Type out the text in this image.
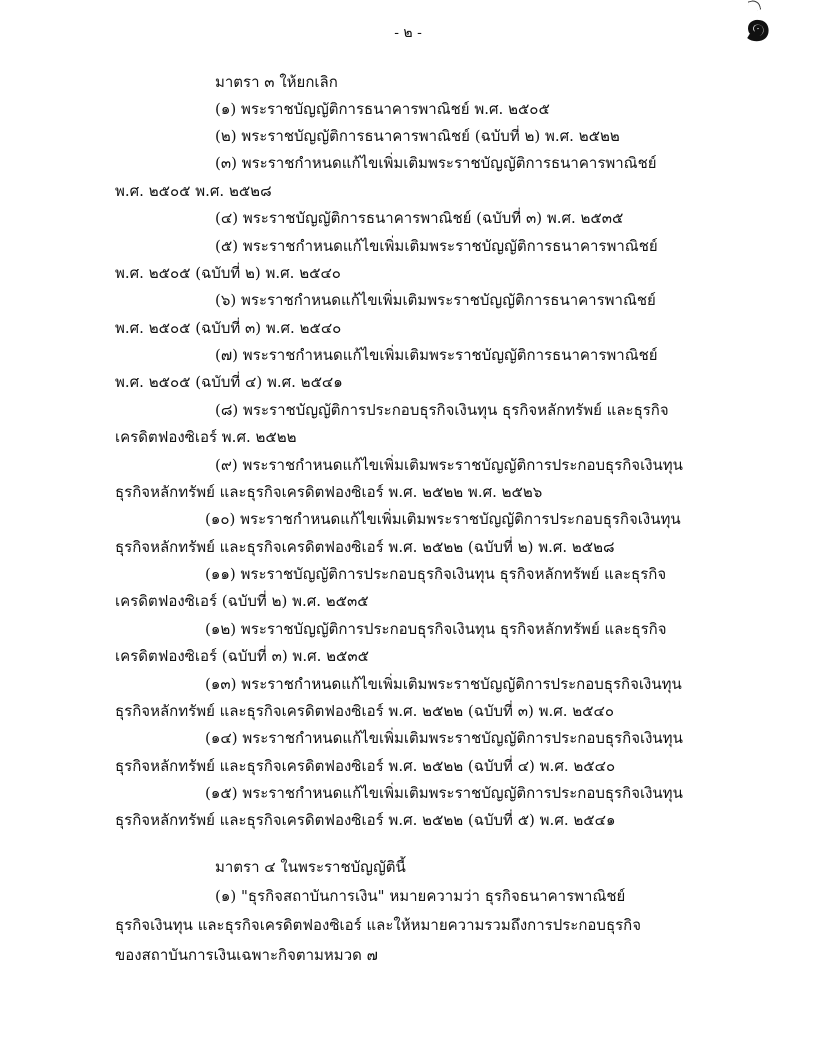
- ๒ -	๑
มาตรา ๓ ให้ยกเลิก
(๑) พระราชบัญญัติการธนาคารพาณิชย์ พ.ศ. ๒๕๐๕
(๒) พระราชบัญญัติการธนาคารพาณิชย์ (ฉบับที่ ๒) พ.ศ. ๒๕๒๒
(๓) พระราชกำหนดแก้ไขเพิ่มเติมพระราชบัญญัติการธนาคารพาณิชย์
พ.ศ. ๒๕๐๕ พ.ศ. ๒๕๒๘
(๔) พระราชบัญญัติการธนาคารพาณิชย์ (ฉบับที่ ๓) พ.ศ. ๒๕๓๕
(๕) พระราชกำหนดแก้ไขเพิ่มเติมพระราชบัญญัติการธนาคารพาณิชย์
พ.ศ. ๒๕๐๕ (ฉบับที่ ๒) พ.ศ. ๒๕๔๐
(๖) พระราชกำหนดแก้ไขเพิ่มเติมพระราชบัญญัติการธนาคารพาณิชย์
พ.ศ. ๒๕๐๕ (ฉบับที่ ๓) พ.ศ. ๒๕๔๐
(๗) พระราชกำหนดแก้ไขเพิ่มเติมพระราชบัญญัติการธนาคารพาณิชย์
พ.ศ. ๒๕๐๕ (ฉบับที่ ๔) พ.ศ. ๒๕๔๑
(๘) พระราชบัญญัติการประกอบธุรกิจเงินทุน ธุรกิจหลักทรัพย์ และธุรกิจ
เครดิตฟองซิเอร์ พ.ศ. ๒๕๒๒
(๙) พระราชกำหนดแก้ไขเพิ่มเติมพระราชบัญญัติการประกอบธุรกิจเงินทุน
ธุรกิจหลักทรัพย์ และธุรกิจเครดิตฟองซิเอร์ พ.ศ. ๒๕๒๒ พ.ศ. ๒๕๒๖
(๑๐) พระราชกำหนดแก้ไขเพิ่มเติมพระราชบัญญัติการประกอบธุรกิจเงินทุน
ธุรกิจหลักทรัพย์ และธุรกิจเครดิตฟองซิเอร์ พ.ศ. ๒๕๒๒ (ฉบับที่ ๒) พ.ศ. ๒๕๒๘
(๑๑) พระราชบัญญัติการประกอบธุรกิจเงินทุน ธุรกิจหลักทรัพย์ และธุรกิจ
เครดิตฟองซิเอร์ (ฉบับที่ ๒) พ.ศ. ๒๕๓๕
(๑๒) พระราชบัญญัติการประกอบธุรกิจเงินทุน ธุรกิจหลักทรัพย์ และธุรกิจ
เครดิตฟองซิเอร์ (ฉบับที่ ๓) พ.ศ. ๒๕๓๕
(๑๓) พระราชกำหนดแก้ไขเพิ่มเติมพระราชบัญญัติการประกอบธุรกิจเงินทุน
ธุรกิจหลักทรัพย์ และธุรกิจเครดิตฟองซิเอร์ พ.ศ. ๒๕๒๒ (ฉบับที่ ๓) พ.ศ. ๒๕๔๐
(๑๔) พระราชกำหนดแก้ไขเพิ่มเติมพระราชบัญญัติการประกอบธุรกิจเงินทุน
ธุรกิจหลักทรัพย์ และธุรกิจเครดิตฟองซิเอร์ พ.ศ. ๒๕๒๒ (ฉบับที่ ๔) พ.ศ. ๒๕๔๐
(๑๕) พระราชกำหนดแก้ไขเพิ่มเติมพระราชบัญญัติการประกอบธุรกิจเงินทุน
ธุรกิจหลักทรัพย์ และธุรกิจเครดิตฟองซิเอร์ พ.ศ. ๒๕๒๒ (ฉบับที่ ๕) พ.ศ. ๒๕๔๑
มาตรา ๔ ในพระราชบัญญัตินี้
(๑) "ธุรกิจสถาบันการเงิน" หมายความว่า ธุรกิจธนาคารพาณิชย์
ธุรกิจเงินทุน และธุรกิจเครดิตฟองซิเอร์ และให้หมายความรวมถึงการประกอบธุรกิจ
ของสถาบันการเงินเฉพาะกิจตามหมวด ๗
